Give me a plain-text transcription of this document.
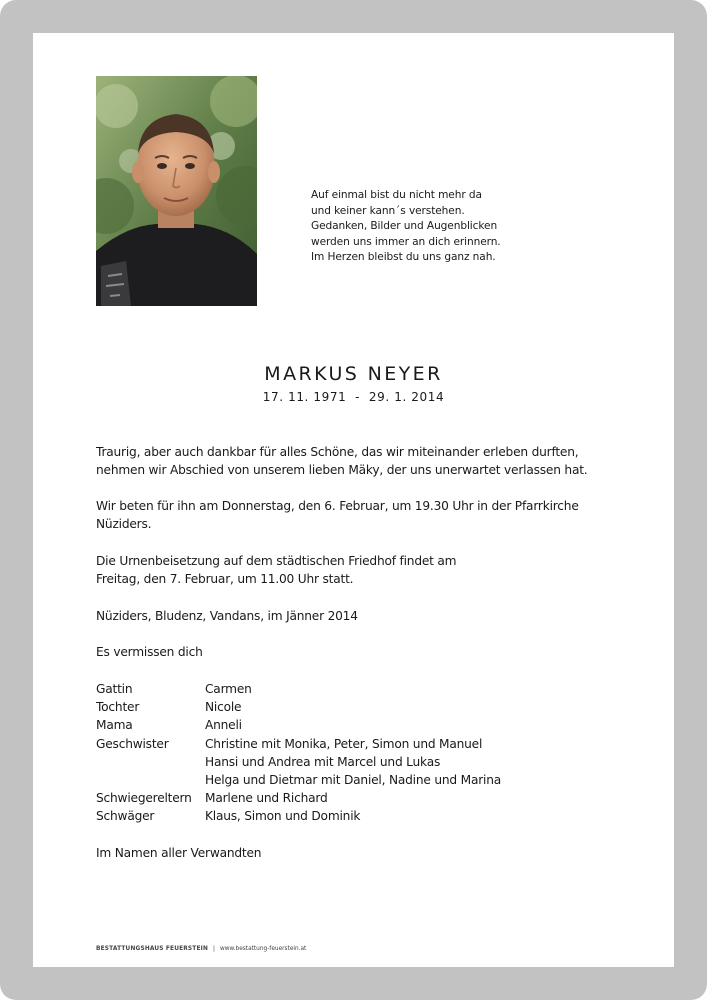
Auf einmal bist du nicht mehr da
und keiner kann´s verstehen.
Gedanken, Bilder und Augenblicken
werden uns immer an dich erinnern.
Im Herzen bleibst du uns ganz nah.
MARKUS NEYER
17. 11. 1971  -  29. 1. 2014
Traurig, aber auch dankbar für alles Schöne, das wir miteinander erleben durften,
nehmen wir Abschied von unserem lieben Mäky, der uns unerwartet verlassen hat.
Wir beten für ihn am Donnerstag, den 6. Februar, um 19.30 Uhr in der Pfarrkirche
Nüziders.
Die Urnenbeisetzung auf dem städtischen Friedhof findet am
Freitag, den 7. Februar, um 11.00 Uhr statt.
Nüziders, Bludenz, Vandans, im Jänner 2014
Es vermissen dich
Gattin	Carmen
Tochter	Nicole
Mama	Anneli
Geschwister	Christine mit Monika, Peter, Simon und Manuel
Hansi und Andrea mit Marcel und Lukas
Helga und Dietmar mit Daniel, Nadine und Marina
Schwiegereltern	Marlene und Richard
Schwäger	Klaus, Simon und Dominik
Im Namen aller Verwandten
BESTATTUNGSHAUS FEUERSTEIN | www.bestattung-feuerstein.at
